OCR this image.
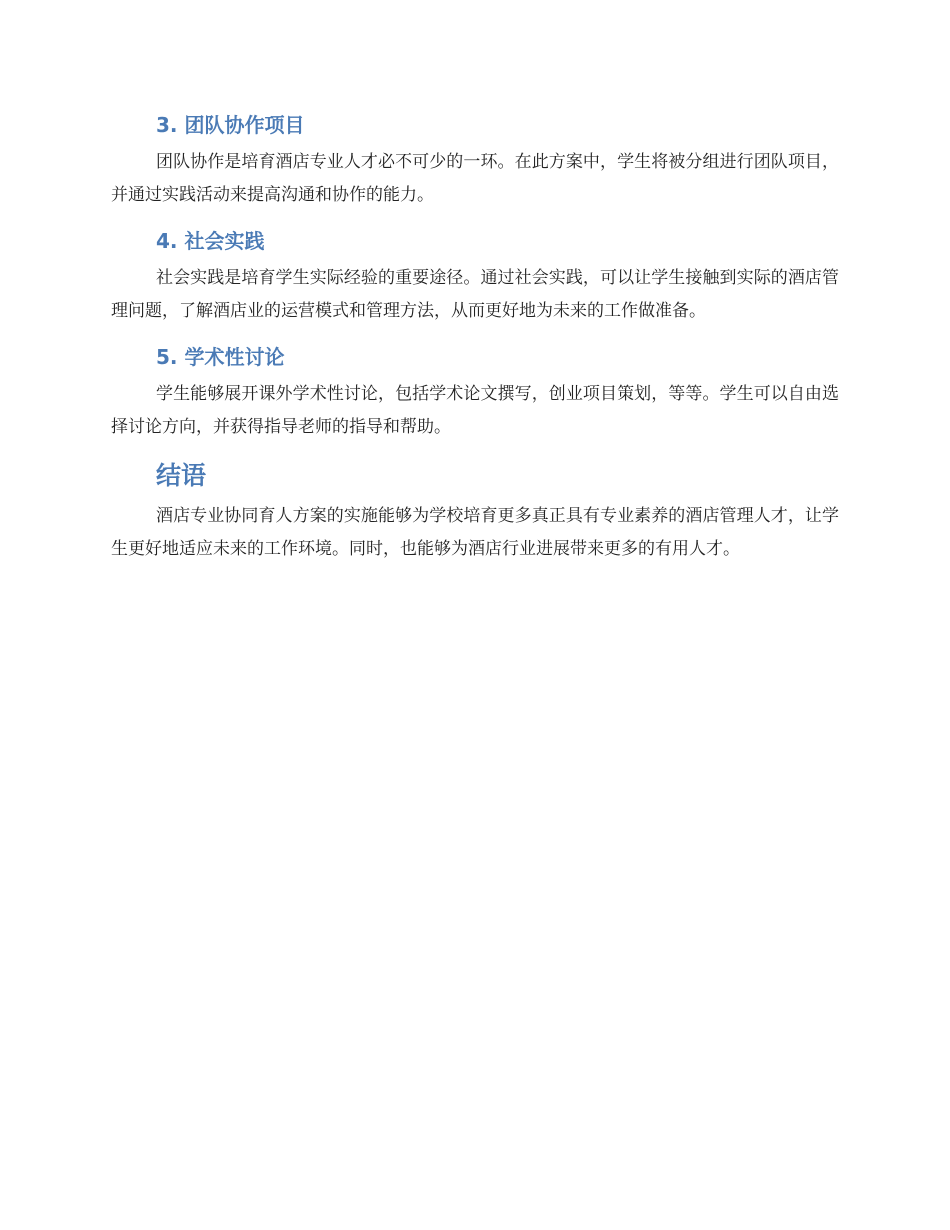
3. 团队协作项目

团队协作是培育酒店专业人才必不可少的一环。在此方案中，学生将被分组进行团队项目，并通过实践活动来提高沟通和协作的能力。

4. 社会实践

社会实践是培育学生实际经验的重要途径。通过社会实践，可以让学生接触到实际的酒店管理问题，了解酒店业的运营模式和管理方法，从而更好地为未来的工作做准备。

5. 学术性讨论

学生能够展开课外学术性讨论，包括学术论文撰写，创业项目策划，等等。学生可以自由选择讨论方向，并获得指导老师的指导和帮助。

结语

酒店专业协同育人方案的实施能够为学校培育更多真正具有专业素养的酒店管理人才，让学生更好地适应未来的工作环境。同时，也能够为酒店行业进展带来更多的有用人才。
